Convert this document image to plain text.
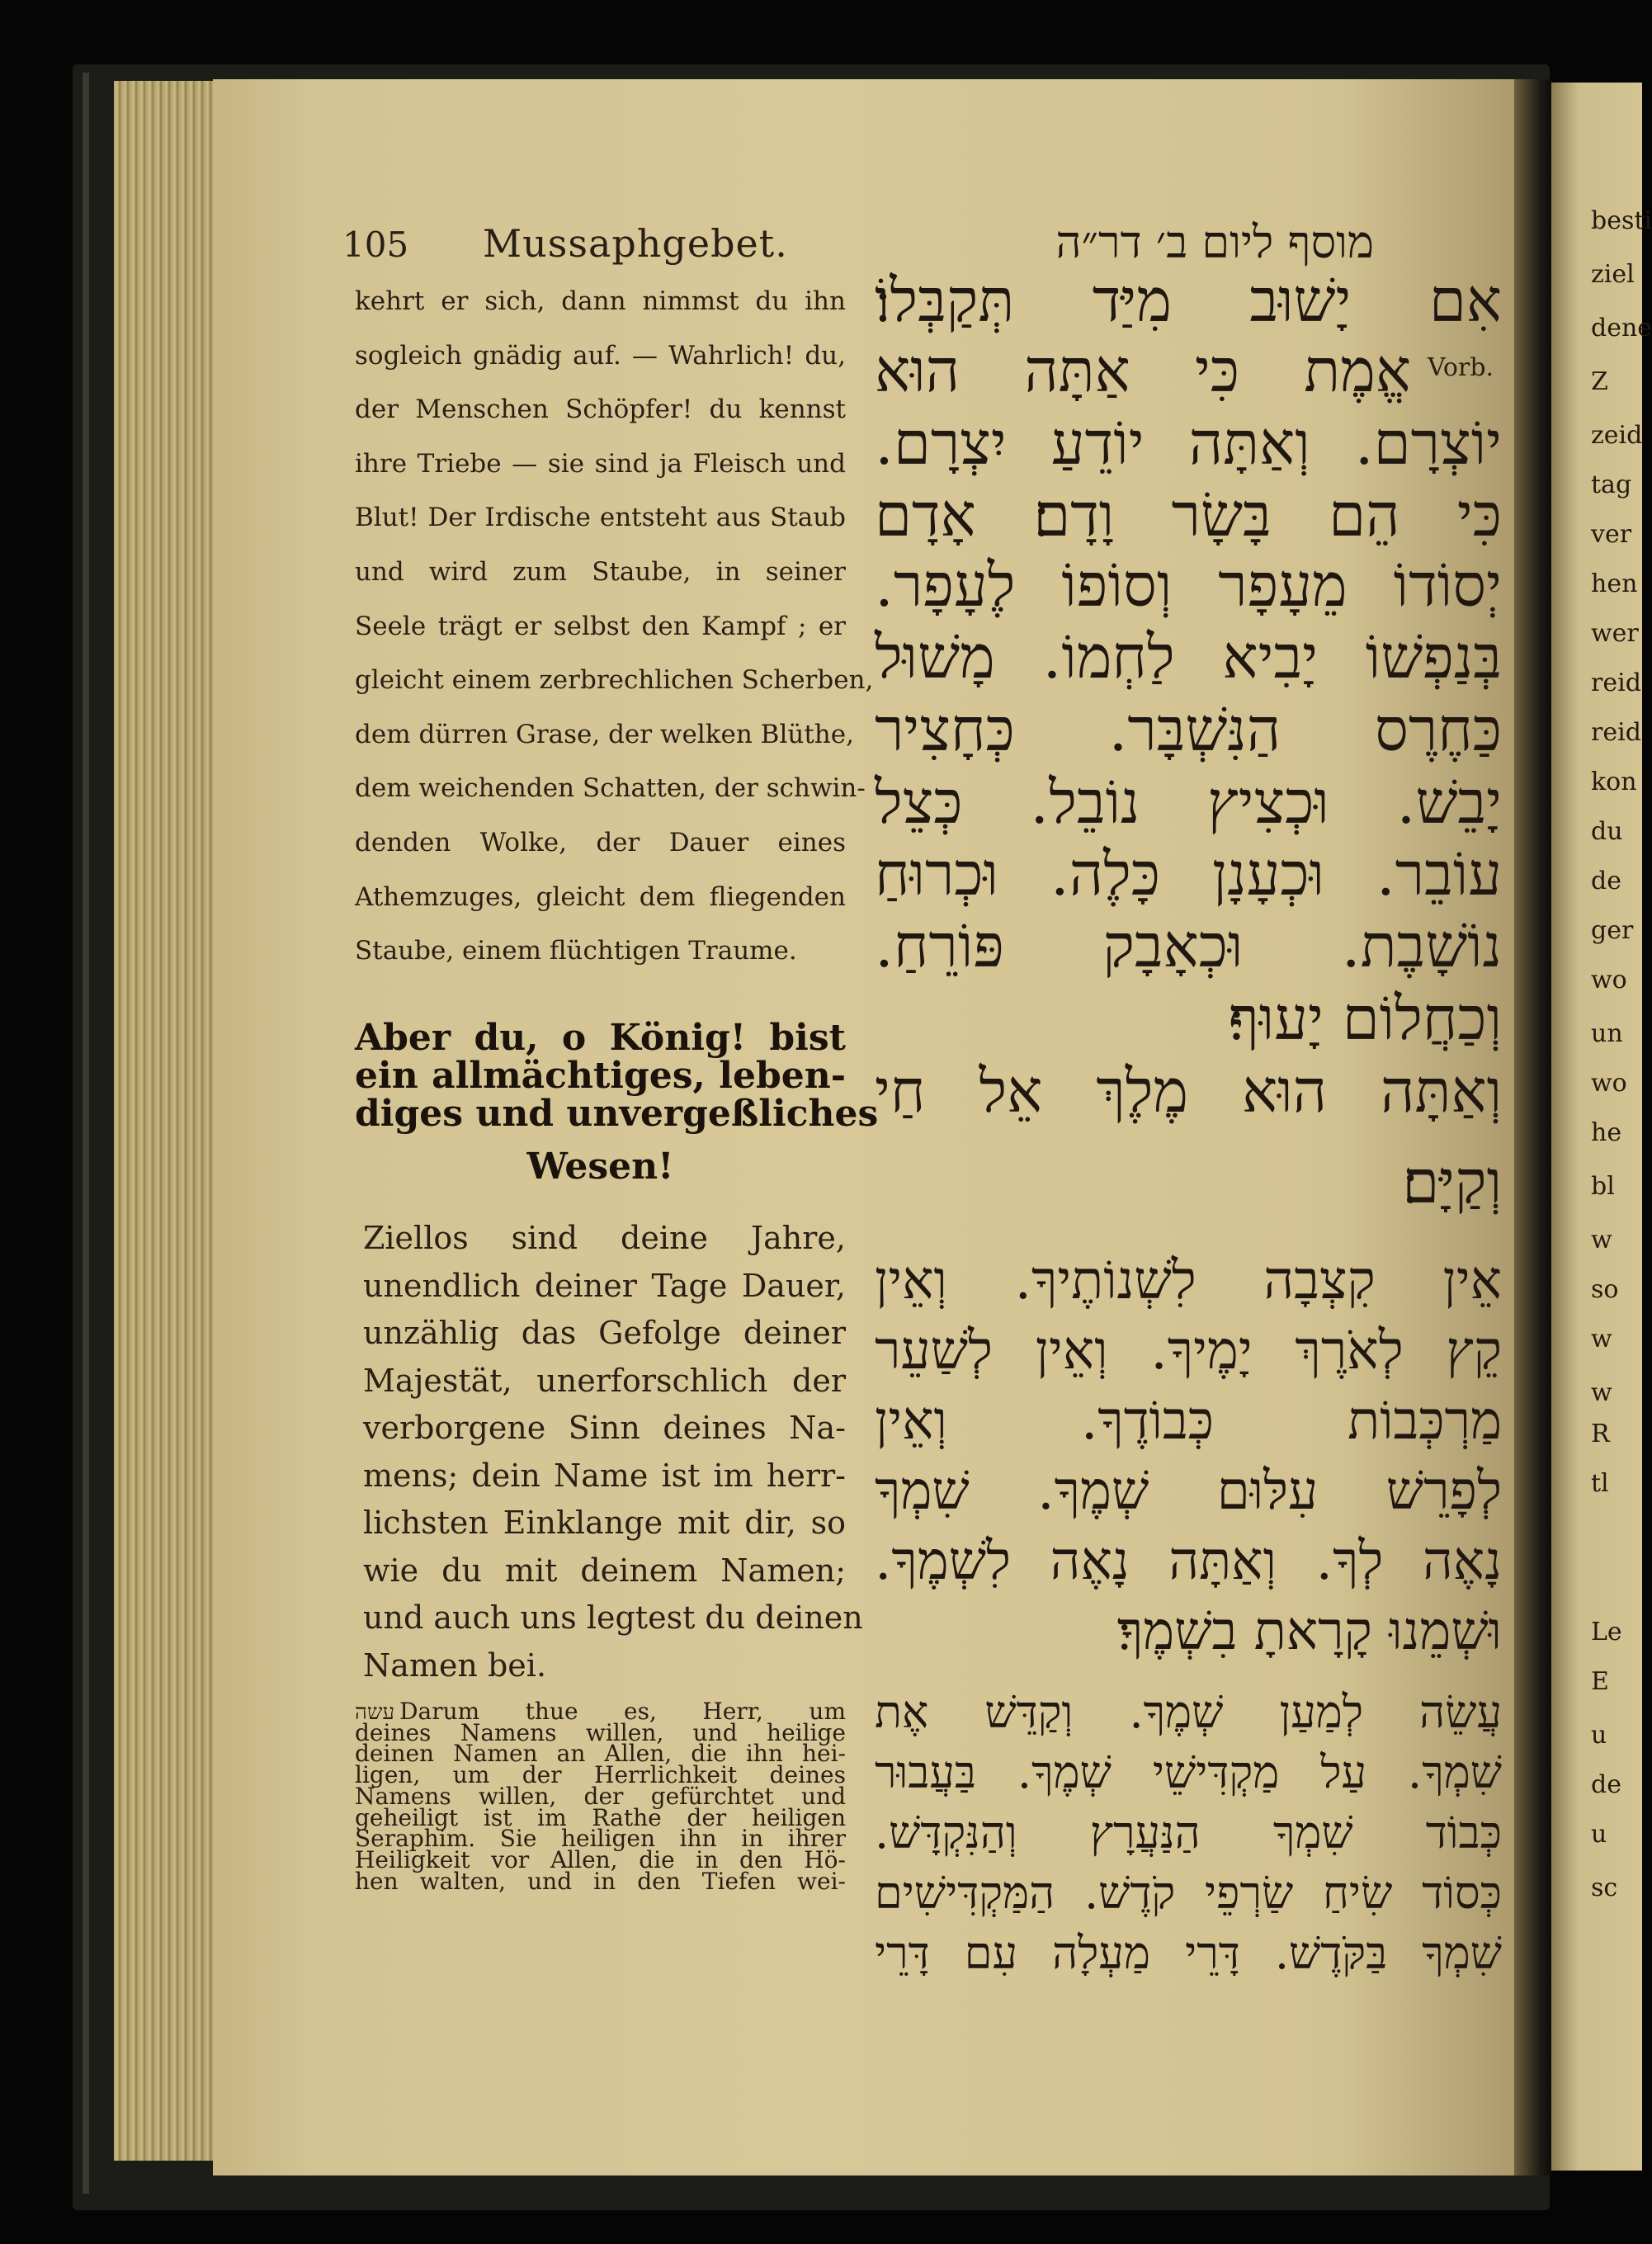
besti
ziel
dene
Z
zeid
tag
ver
hen
wer
reid
reid
kon
du
de
ger
wo
un
wo
he
bl
w
so
w
w
R
tl
Le
E
u
de
u
sc
105 Mussaphgebet.	מוסף ליום ב׳ דר״ה
Vorb.
kehrt er sich, dann nimmst du ihn
sogleich gnädig auf. — Wahrlich! du,
der Menschen Schöpfer! du kennst
ihre Triebe — sie sind ja Fleisch und
Blut! Der Irdische entsteht aus Staub
und wird zum Staube, in seiner
Seele trägt er selbst den Kampf ; er
gleicht einem zerbrechlichen Scherben,
dem dürren Grase, der welken Blüthe,
dem weichenden Schatten, der schwin-
denden Wolke, der Dauer eines
Athemzuges, gleicht dem fliegenden
Staube, einem flüchtigen Traume.
Aber du, o König! bist
ein allmächtiges, leben-
diges und unvergeßliches
Wesen!
Ziellos sind deine Jahre,
unendlich deiner Tage Dauer,
unzählig das Gefolge deiner
Majestät, unerforschlich der
verborgene Sinn deines Na-
mens; dein Name ist im herr-
lichsten Einklange mit dir, so
wie du mit deinem Namen;
und auch uns legtest du deinen
Namen bei.
עשה Darum thue es, Herr, um
deines Namens willen, und heilige
deinen Namen an Allen, die ihn hei-
ligen, um der Herrlichkeit deines
Namens willen, der gefürchtet und
geheiligt ist im Rathe der heiligen
Seraphim. Sie heiligen ihn in ihrer
Heiligkeit vor Allen, die in den Hö-
hen walten, und in den Tiefen wei-
אִם יָשׁוּב מִיַּד תְּקַבְּלוֹ׃
אֱמֶת כִּי אַתָּה הוּא
יוֹצְרָם. וְאַתָּה יוֹדֵעַ יִצְרָם.
כִּי הֵם בָּשָׂר וָדָם׃ אָדָם
יְסוֹדוֹ מֵעָפָר וְסוֹפוֹ לֶעָפָר.
בְּנַפְשׁוֹ יָבִיא לַחְמוֹ. מָשׁוּל
כַּחֶרֶס הַנִּשְׁבָּר. כְּחָצִיר
יָבֵשׁ. וּכְצִיץ נוֹבֵל. כְּצֵל
עוֹבֵר. וּכְעָנָן כָּלֶה. וּכְרוּחַ
נוֹשָׁבֶת. וּכְאָבָק פּוֹרֵחַ.
וְכַחֲלוֹם יָעוּף׃
וְאַתָּה הוּא מֶלֶךְ אֵל חַי
וְקַיָּם׃
אֵין קִצְבָה לִשְׁנוֹתֶיךָ. וְאֵין
קֵץ לְאֹרֶךְ יָמֶיךָ. וְאֵין לְשַׁעֵר
מַרְכְּבוֹת כְּבוֹדֶךָ. וְאֵין
לְפָרֵשׁ עִלּוּם שְׁמֶךָ. שִׁמְךָ
נָאֶה לְךָ. וְאַתָּה נָאֶה לִשְׁמֶךָ.
וּשְׁמֵנוּ קָרָאתָ בִשְׁמֶךָ׃
עֲשֵׂה לְמַעַן שְׁמֶךָ. וְקַדֵּשׁ אֶת
שִׁמְךָ. עַל מַקְדִּישֵׁי שְׁמֶךָ. בַּעֲבוּר
כְּבוֹד שִׁמְךָ הַנַּעֲרָץ וְהַנִּקְדָּשׁ.
כְּסוֹד שִׂיחַ שַׂרְפֵי קֹדֶשׁ. הַמַּקְדִּישִׁים
שִׁמְךָ בַּקֹּדֶשׁ. דָּרֵי מַעְלָה עִם דָּרֵי
